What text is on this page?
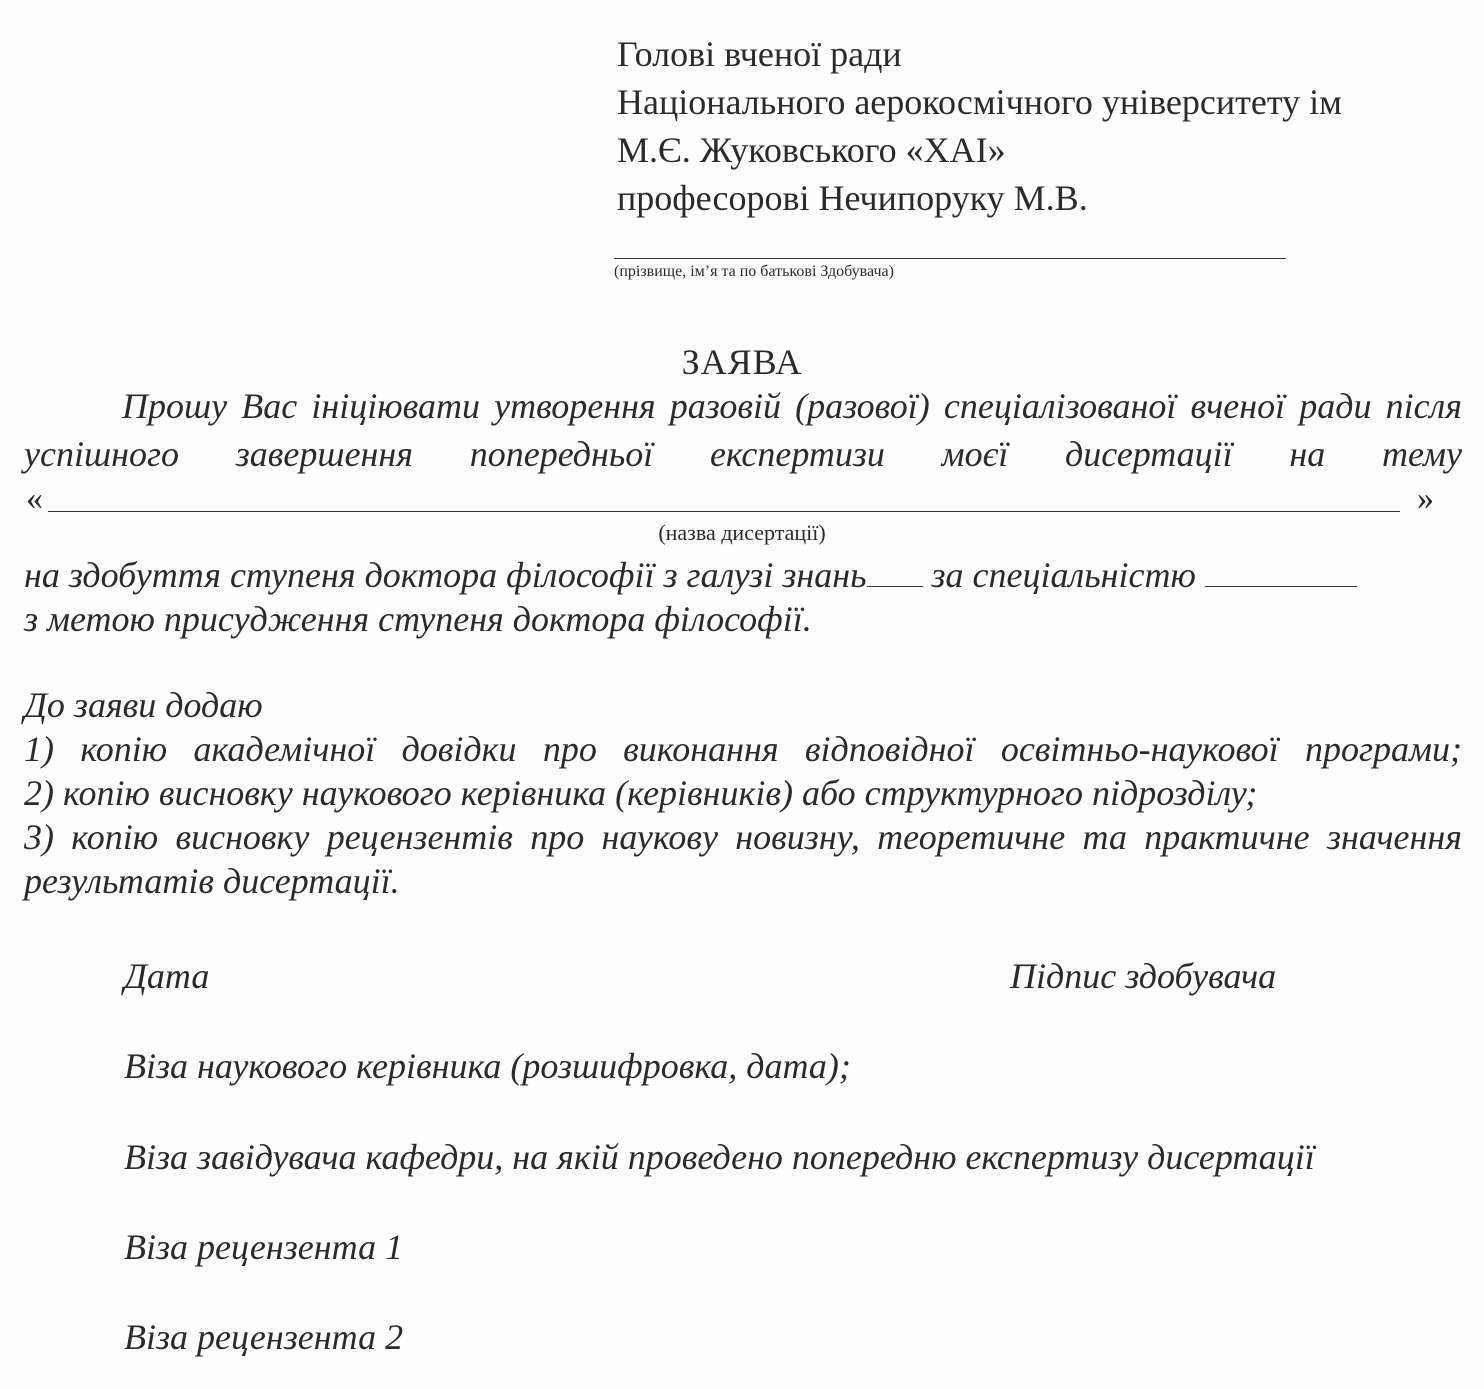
Голові вченої ради
Національного аерокосмічного університету ім
М.Є. Жуковського «ХАІ»
професорові Нечипоруку М.В.
(прізвище, ім’я та по батькові Здобувача)
ЗАЯВА
Прошу Вас ініціювати утворення разовій (разової) спеціалізованої вченої ради після успішного завершення попередньої експертизи моєї дисертації на тему
«	»
(назва дисертації)
на здобуття ступеня доктора філософії з галузі знань за спеціальністю
з метою присудження ступеня доктора філософії.
До заяви додаю
1) копію академічної довідки про виконання відповідної освітньо-наукової програми;
2) копію висновку наукового керівника (керівників) або структурного підрозділу;
3) копію висновку рецензентів про наукову новизну, теоретичне та практичне значення результатів дисертації.
Дата	Підпис здобувача
Віза наукового керівника (розшифровка, дата);
Віза завідувача кафедри, на якій проведено попередню експертизу дисертації
Віза рецензента 1
Віза рецензента 2
